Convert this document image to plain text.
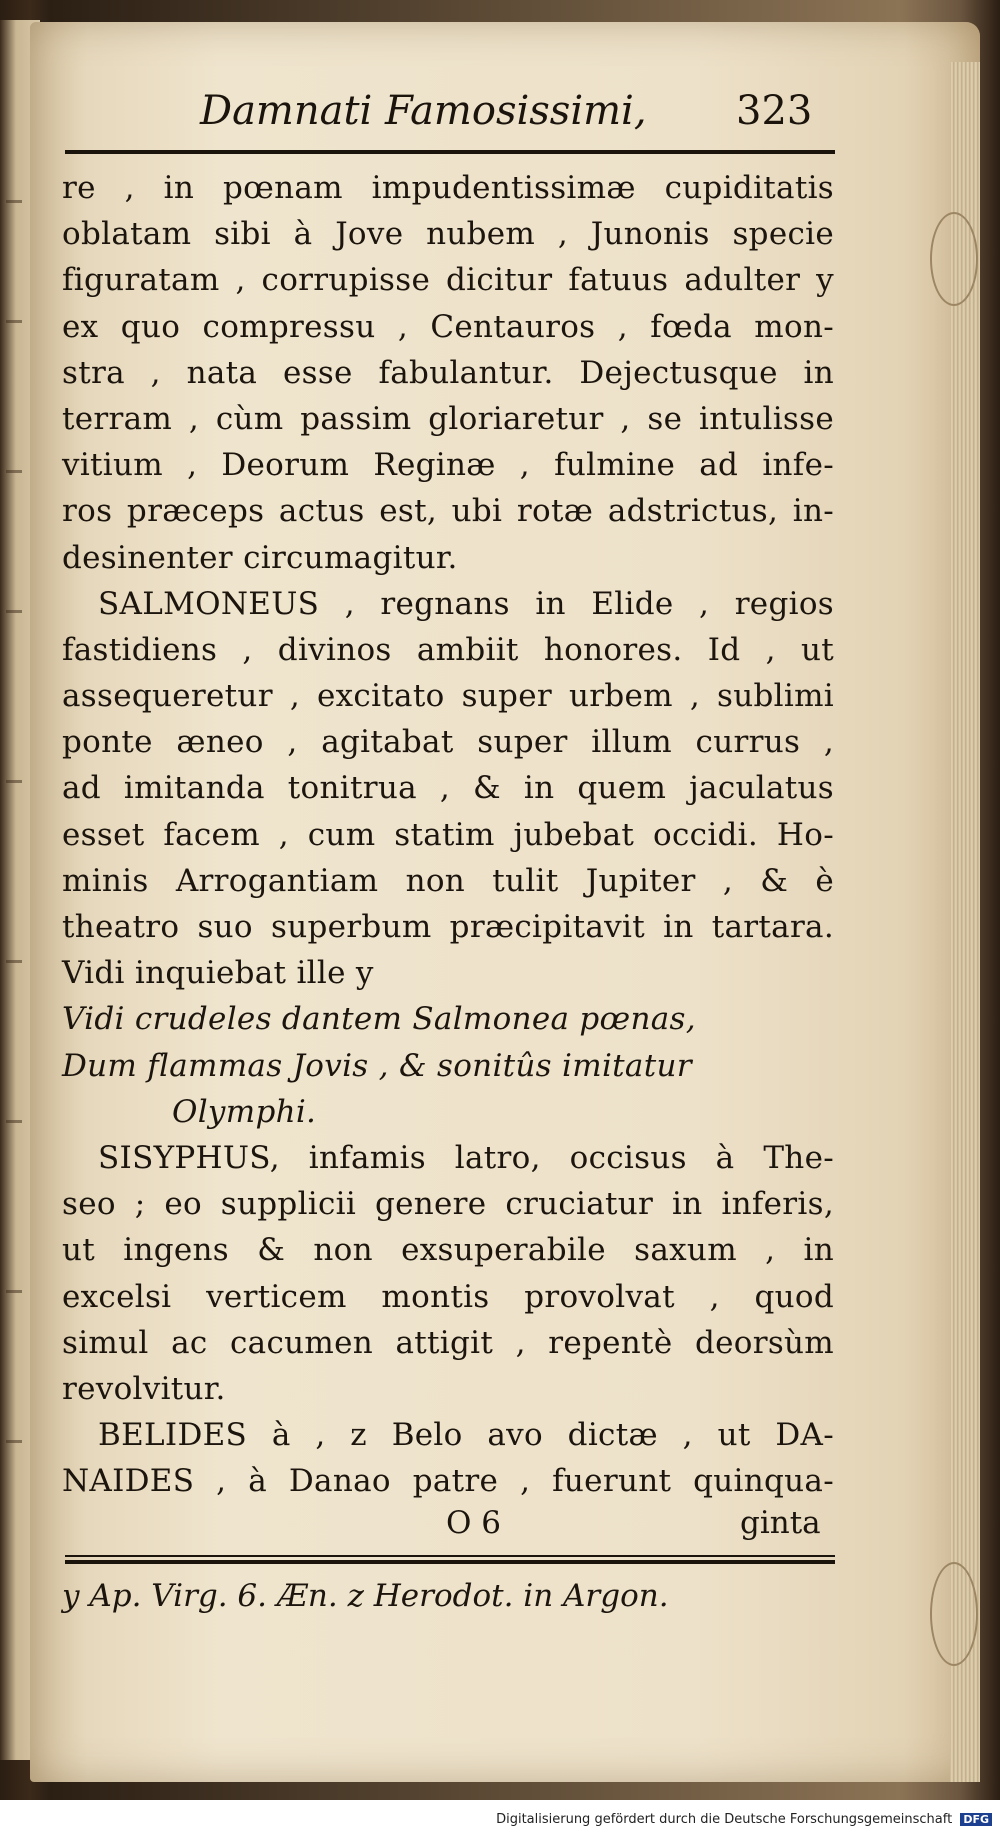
Damnati Famosissimi, 323
re , in pœnam impudentissimæ cupiditatis
oblatam sibi à Jove nubem , Junonis specie
figuratam , corrupisse dicitur fatuus adulter y
ex quo compressu , Centauros , fœda mon-
stra , nata esse fabulantur. Dejectusque in
terram , cùm passim gloriaretur , se intulisse
vitium , Deorum Reginæ , fulmine ad infe-
ros præceps actus est, ubi rotæ adstrictus, in-
desinenter circumagitur.
SALMONEUS , regnans in Elide , regios
fastidiens , divinos ambiit honores. Id , ut
assequeretur , excitato super urbem , sublimi
ponte æneo , agitabat super illum currus ,
ad imitanda tonitrua , & in quem jaculatus
esset facem , cum statim jubebat occidi. Ho-
minis Arrogantiam non tulit Jupiter , & è
theatro suo superbum præcipitavit in tartara.
Vidi inquiebat ille y
Vidi crudeles dantem Salmonea pœnas,
Dum flammas Jovis , & sonitûs imitatur
Olymphi.
SISYPHUS, infamis latro, occisus à The-
seo ; eo supplicii genere cruciatur in inferis,
ut ingens & non exsuperabile saxum , in
excelsi verticem montis provolvat , quod
simul ac cacumen attigit , repentè deorsùm
revolvitur.
BELIDES à , z Belo avo dictæ , ut DA-
NAIDES , à Danao patre , fuerunt quinqua-
O 6	ginta
y Ap. Virg. 6. Æn. z Herodot. in Argon.
Digitalisierung gefördert durch die Deutsche Forschungsgemeinschaft DFG
